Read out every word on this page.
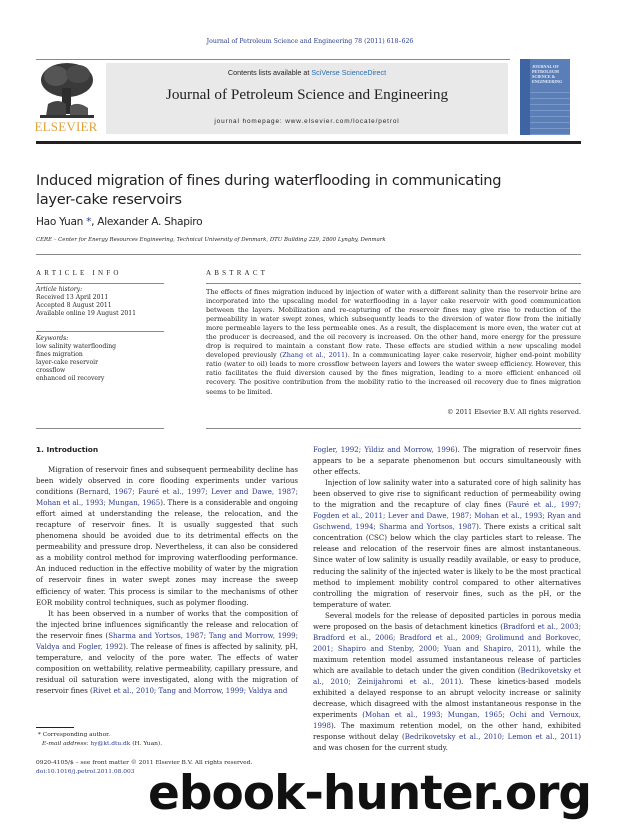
Journal of Petroleum Science and Engineering 78 (2011) 618–626
ELSEVIER
Contents lists available at SciVerse ScienceDirect
Journal of Petroleum Science and Engineering
journal homepage: www.elsevier.com/locate/petrol
JOURNAL OF
PETROLEUM
SCIENCE &
ENGINEERING
Induced migration of fines during waterflooding in communicating
layer-cake reservoirs
Hao Yuan *, Alexander A. Shapiro
CERE – Center for Energy Resources Engineering, Technical University of Denmark, DTU Building 229, 2800 Lyngby, Denmark
ARTICLE INFO	ABSTRACT
Article history:
Received 13 April 2011
Accepted 8 August 2011
Available online 19 August 2011
Keywords:
low salinity waterflooding
fines migration
layer-cake reservoir
crossflow
enhanced oil recovery
The effects of fines migration induced by injection of water with a different salinity than the reservoir brine are incorporated into the upscaling model for waterflooding in a layer cake reservoir with good communication between the layers. Mobilization and re-capturing of the reservoir fines may give rise to reduction of the permeability in water swept zones, which subsequently leads to the diversion of water flow from the initially more permeable layers to the less permeable ones. As a result, the displacement is more even, the water cut at the producer is decreased, and the oil recovery is increased. On the other hand, more energy for the pressure drop is required to maintain a constant flow rate. These effects are studied within a new upscaling model developed previously (Zhang et al., 2011). In a communicating layer cake reservoir, higher end-point mobility ratio (water to oil) leads to more crossflow between layers and lowers the water sweep efficiency. However, this ratio facilitates the fluid diversion caused by the fines migration, leading to a more efficient enhanced oil recovery. The positive contribution from the mobility ratio to the increased oil recovery due to fines migration seems to be limited.
© 2011 Elsevier B.V. All rights reserved.
1. Introduction

Migration of reservoir fines and subsequent permeability decline has been widely observed in core flooding experiments under various conditions (Bernard, 1967; Fauré et al., 1997; Lever and Dawe, 1987; Mohan et al., 1993; Mungan, 1965). There is a considerable and ongoing effort aimed at understanding the release, the relocation, and the recapture of reservoir fines. It is usually suggested that such phenomena should be avoided due to its detrimental effects on the permeability and pressure drop. Nevertheless, it can also be considered as a mobility control method for improving waterflooding performance. An induced reduction in the effective mobility of water by the migration of reservoir fines in water swept zones may increase the sweep efficiency of water. This process is similar to the mechanisms of other EOR mobility control techniques, such as polymer flooding.

It has been observed in a number of works that the composition of the injected brine influences significantly the release and relocation of the reservoir fines (Sharma and Yortsos, 1987; Tang and Morrow, 1999; Valdya and Fogler, 1992). The release of fines is affected by salinity, pH, temperature, and velocity of the pore water. The effects of water composition on wettability, relative permeability, capillary pressure, and residual oil saturation were investigated, along with the migration of reservoir fines (Rivet et al., 2010; Tang and Morrow, 1999; Valdya and

Fogler, 1992; Yildiz and Morrow, 1996). The migration of reservoir fines appears to be a separate phenomenon but occurs simultaneously with other effects.

Injection of low salinity water into a saturated core of high salinity has been observed to give rise to significant reduction of permeability owing to the migration and the recapture of clay fines (Fauré et al., 1997; Fogden et al., 2011; Lever and Dawe, 1987; Mohan et al., 1993; Ryan and Gschwend, 1994; Sharma and Yortsos, 1987). There exists a critical salt concentration (CSC) below which the clay particles start to release. The release and relocation of the reservoir fines are almost instantaneous. Since water of low salinity is usually readily available, or easy to produce, reducing the salinity of the injected water is likely to be the most practical method to implement mobility control compared to other alternatives controlling the migration of reservoir fines, such as the pH, or the temperature of water.

Several models for the release of deposited particles in porous media were proposed on the basis of detachment kinetics (Bradford et al., 2003; Bradford et al., 2006; Bradford et al., 2009; Grolimund and Borkovec, 2001; Shapiro and Stenby, 2000; Yuan and Shapiro, 2011), while the maximum retention model assumed instantaneous release of particles which are available to detach under the given condition (Bedrikovetsky et al., 2010; Zeinijahromi et al., 2011). These kinetics-based models exhibited a delayed response to an abrupt velocity increase or salinity decrease, which disagreed with the almost instantaneous response in the experiments (Mohan et al., 1993; Mungan, 1965; Ochi and Vernoux, 1998). The maximum retention model, on the other hand, exhibited response without delay (Bedrikovetsky et al., 2010; Lemon et al., 2011) and was chosen for the current study.

* Corresponding author.
E-mail address: hy@kt.dtu.dk (H. Yuan).
0920-4105/$ – see front matter © 2011 Elsevier B.V. All rights reserved.
doi:10.1016/j.petrol.2011.08.003 ebook-hunter.org
